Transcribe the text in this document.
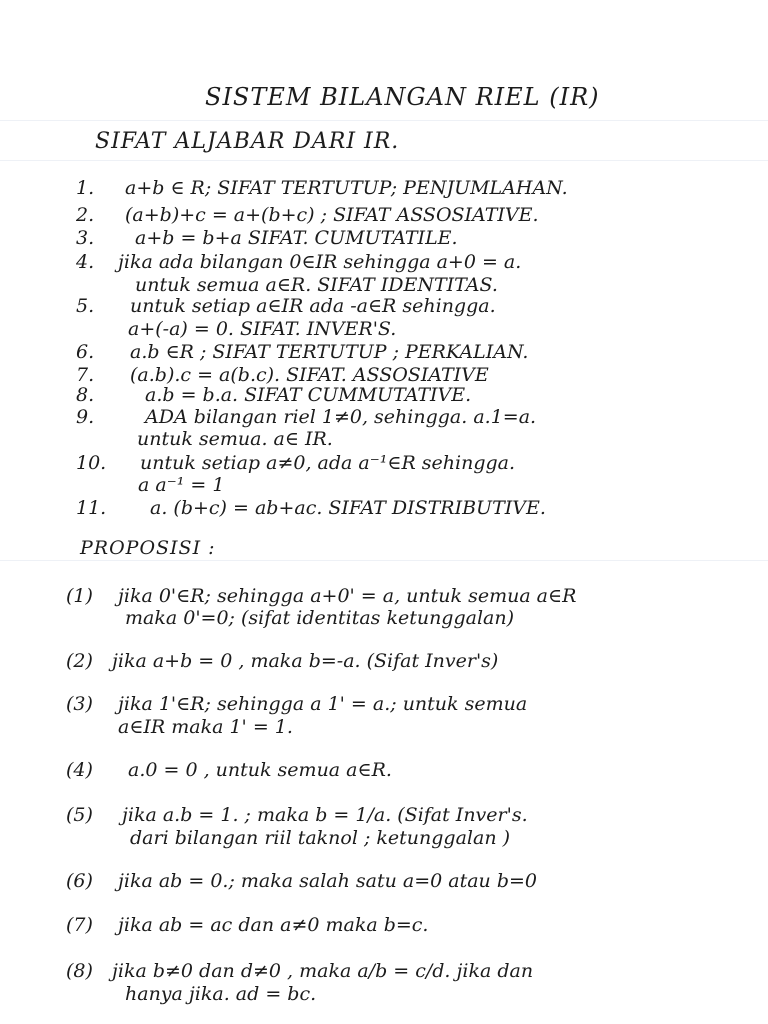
SISTEM BILANGAN RIEL (IR)
SIFAT ALJABAR DARI IR.
1. a+b ∈ R; SIFAT TERTUTUP; PENJUMLAHAN.
2. (a+b)+c = a+(b+c) ; SIFAT ASSOSIATIVE.
3. a+b = b+a SIFAT. CUMUTATILE.
4. jika ada bilangan 0∈IR sehingga a+0 = a.
untuk semua a∈R. SIFAT IDENTITAS.
5. untuk setiap a∈IR ada -a∈R sehingga.
a+(-a) = 0. SIFAT. INVER'S.
6. a.b ∈R ; SIFAT TERTUTUP ; PERKALIAN.
7. (a.b).c = a(b.c). SIFAT. ASSOSIATIVE
8.	a.b = b.a. SIFAT CUMMUTATIVE.
9.	ADA bilangan riel 1≠0, sehingga. a.1=a.
untuk semua. a∈ IR.
10. untuk setiap a≠0, ada a⁻¹∈R sehingga.
a a⁻¹ = 1
11. a. (b+c) = ab+ac. SIFAT DISTRIBUTIVE.
PROPOSISI :
(1) jika 0'∈R; sehingga a+0' = a, untuk semua a∈R
maka 0'=0; (sifat identitas ketunggalan)
(2) jika a+b = 0 , maka b=-a. (Sifat Inver's)
(3) jika 1'∈R; sehingga a 1' = a.; untuk semua
a∈IR maka 1' = 1.
(4) a.0 = 0 , untuk semua a∈R.
(5) jika a.b = 1. ; maka b = 1/a. (Sifat Inver's.
dari bilangan riil taknol ; ketunggalan )
(6) jika ab = 0.; maka salah satu a=0 atau b=0
(7) jika ab = ac dan a≠0 maka b=c.
(8) jika b≠0 dan d≠0 , maka a/b = c/d. jika dan
hanya jika. ad = bc.
